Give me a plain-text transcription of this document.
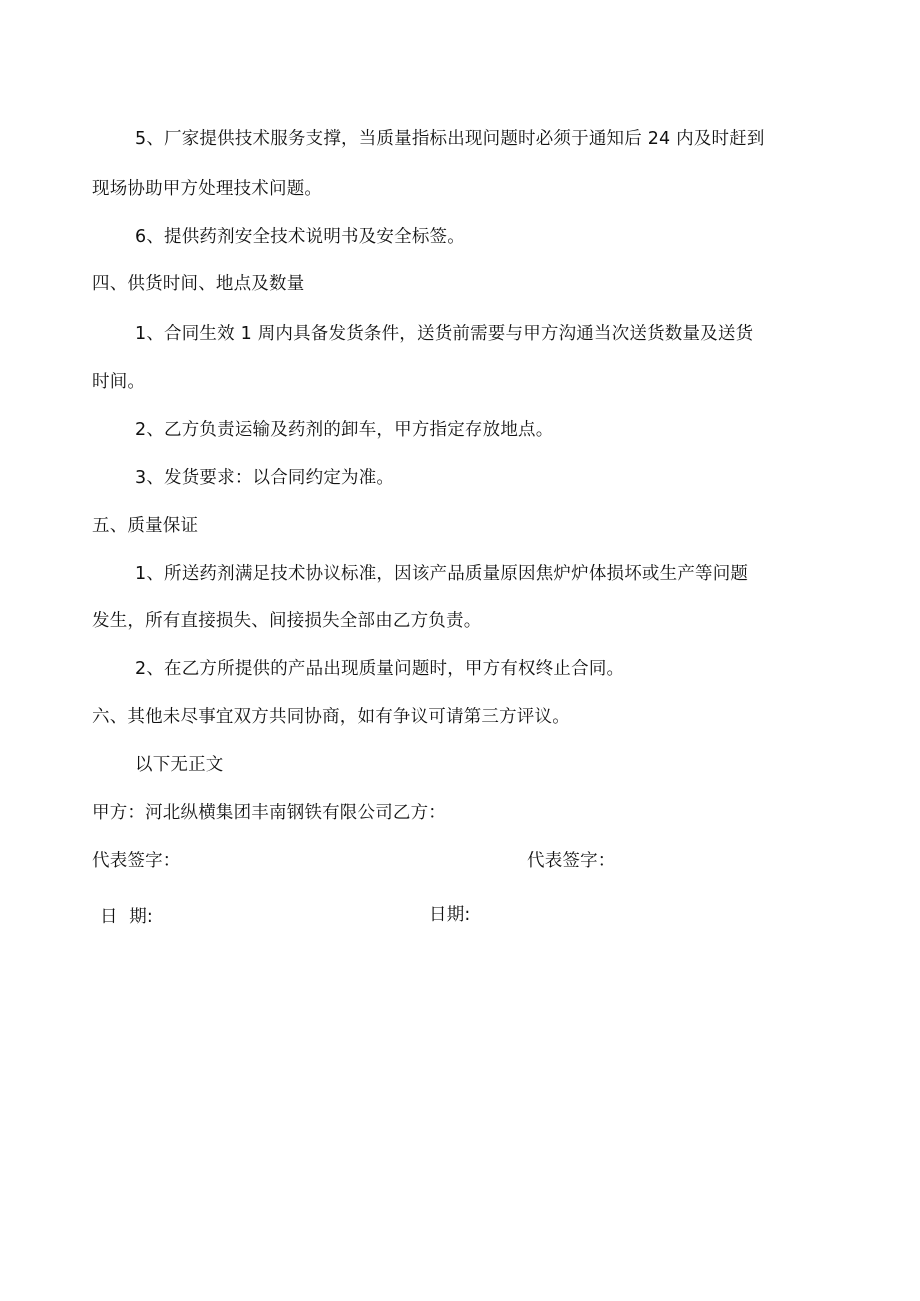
5、厂家提供技术服务支撑，当质量指标出现问题时必须于通知后 24 内及时赶到
现场协助甲方处理技术问题。
6、提供药剂安全技术说明书及安全标签。
四、供货时间、地点及数量
1、合同生效 1 周内具备发货条件，送货前需要与甲方沟通当次送货数量及送货
时间。
2、乙方负责运输及药剂的卸车，甲方指定存放地点。
3、发货要求：以合同约定为准。
五、质量保证
1、所送药剂满足技术协议标准，因该产品质量原因焦炉炉体损坏或生产等问题
发生，所有直接损失、间接损失全部由乙方负责。
2、在乙方所提供的产品出现质量问题时，甲方有权终止合同。
六、其他未尽事宜双方共同协商，如有争议可请第三方评议。
以下无正文
甲方：河北纵横集团丰南钢铁有限公司乙方：
代表签字：	代表签字：
日  期:	日期:
